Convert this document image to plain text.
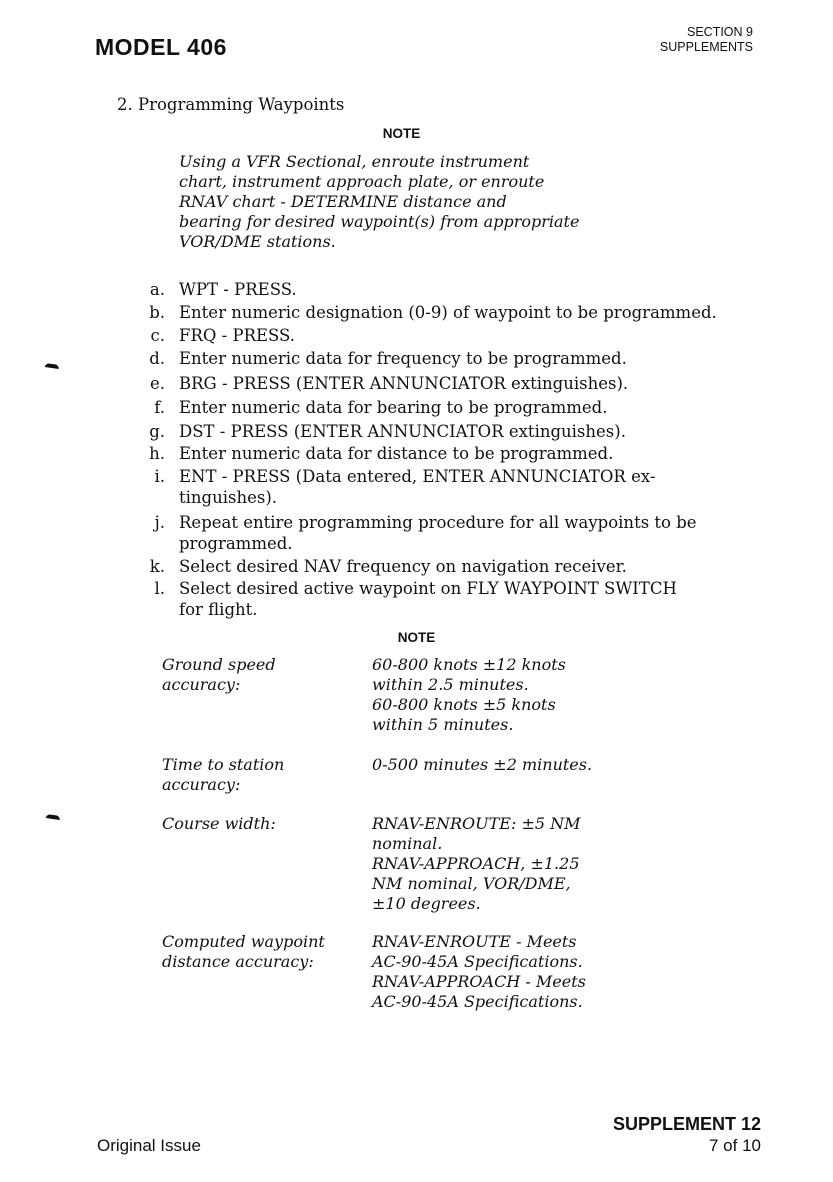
MODEL 406
SECTION 9
SUPPLEMENTS
2. Programming Waypoints
NOTE
Using a VFR Sectional, enroute instrument
chart, instrument approach plate, or enroute
RNAV chart - DETERMINE distance and
bearing for desired waypoint(s) from appropriate
VOR/DME stations.
a. WPT - PRESS.
b. Enter numeric designation (0-9) of waypoint to be programmed.
c. FRQ - PRESS.
d. Enter numeric data for frequency to be programmed.
e. BRG - PRESS (ENTER ANNUNCIATOR extinguishes).
f. Enter numeric data for bearing to be programmed.
g. DST - PRESS (ENTER ANNUNCIATOR extinguishes).
h. Enter numeric data for distance to be programmed.
i. ENT - PRESS (Data entered, ENTER ANNUNCIATOR ex-
tinguishes).
j. Repeat entire programming procedure for all waypoints to be
programmed.
k. Select desired NAV frequency on navigation receiver.
l. Select desired active waypoint on FLY WAYPOINT SWITCH
for flight.
NOTE
Ground speed
accuracy:
60-800 knots ±12 knots
within 2.5 minutes.
60-800 knots ±5 knots
within 5 minutes.
Time to station
accuracy:
0-500 minutes ±2 minutes.
Course width:	RNAV-ENROUTE: ±5 NM
nominal.
RNAV-APPROACH, ±1.25
NM nominal, VOR/DME,
±10 degrees.
Computed waypoint
distance accuracy:
RNAV-ENROUTE - Meets
AC-90-45A Specifications.
RNAV-APPROACH - Meets
AC-90-45A Specifications.
Original Issue
SUPPLEMENT 12
7 of 10
